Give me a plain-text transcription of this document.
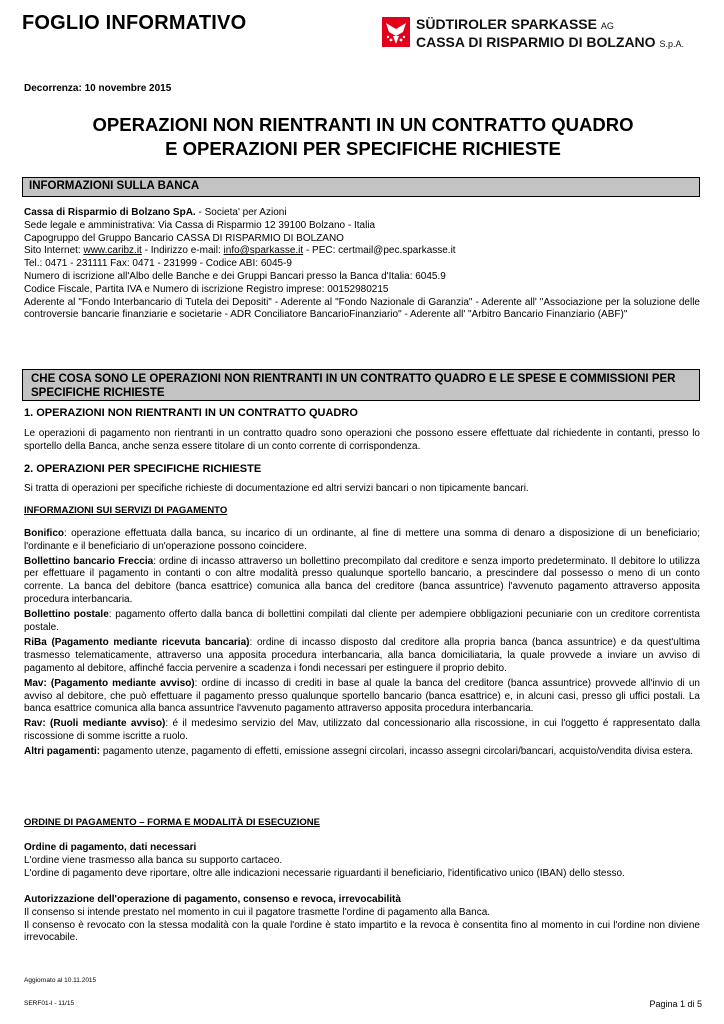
FOGLIO INFORMATIVO	SÜDTIROLER SPARKASSE AG
CASSA DI RISPARMIO DI BOLZANO S.p.A.
Decorrenza: 10 novembre 2015
OPERAZIONI NON RIENTRANTI IN UN CONTRATTO QUADRO
E OPERAZIONI PER SPECIFICHE RICHIESTE
INFORMAZIONI SULLA BANCA

Cassa di Risparmio di Bolzano SpA. - Societa' per Azioni

Sede legale e amministrativa: Via Cassa di Risparmio 12 39100 Bolzano - Italia

Capogruppo del Gruppo Bancario CASSA DI RISPARMIO DI BOLZANO

Sito Internet: www.caribz.it - Indirizzo e-mail: info@sparkasse.it - PEC: certmail@pec.sparkasse.it

Tel.: 0471 - 231111 Fax: 0471 - 231999 - Codice ABI: 6045-9

Numero di iscrizione all'Albo delle Banche e dei Gruppi Bancari presso la Banca d'Italia: 6045.9

Codice Fiscale, Partita IVA e Numero di iscrizione Registro imprese: 00152980215

Aderente al "Fondo Interbancario di Tutela dei Depositi" - Aderente al "Fondo Nazionale di Garanzia" - Aderente all' "Associazione per la soluzione delle controversie bancarie finanziarie e societarie - ADR Conciliatore BancarioFinanziario" - Aderente all' "Arbitro Bancario Finanziario (ABF)"

CHE COSA SONO LE OPERAZIONI NON RIENTRANTI IN UN CONTRATTO QUADRO E LE SPESE E COMMISSIONI PER SPECIFICHE RICHIESTE
1. OPERAZIONI NON RIENTRANTI IN UN CONTRATTO QUADRO
Le operazioni di pagamento non rientranti in un contratto quadro sono operazioni che possono essere effettuate dal richiedente in contanti, presso lo sportello della Banca, anche senza essere titolare di un conto corrente di corrispondenza.
2. OPERAZIONI PER SPECIFICHE RICHIESTE
Si tratta di operazioni per specifiche richieste di documentazione ed altri servizi bancari o non tipicamente bancari.
INFORMAZIONI SUI SERVIZI DI PAGAMENTO

Bonifico: operazione effettuata dalla banca, su incarico di un ordinante, al fine di mettere una somma di denaro a disposizione di un beneficiario; l'ordinante e il beneficiario di un'operazione possono coincidere.

Bollettino bancario Freccia: ordine di incasso attraverso un bollettino precompilato dal creditore e senza importo predeterminato. Il debitore lo utilizza per effettuare il pagamento in contanti o con altre modalità presso qualunque sportello bancario, a prescindere dal possesso o meno di un conto corrente. La banca del debitore (banca esattrice) comunica alla banca del creditore (banca assuntrice) l'avvenuto pagamento attraverso apposita procedura interbancaria.

Bollettino postale: pagamento offerto dalla banca di bollettini compilati dal cliente per adempiere obbligazioni pecuniarie con un creditore correntista postale.

RiBa (Pagamento mediante ricevuta bancaria): ordine di incasso disposto dal creditore alla propria banca (banca assuntrice) e da quest'ultima trasmesso telematicamente, attraverso una apposita procedura interbancaria, alla banca domiciliataria, la quale provvede a inviare un avviso di pagamento al debitore, affinché faccia pervenire a scadenza i fondi necessari per estinguere il proprio debito.

Mav: (Pagamento mediante avviso): ordine di incasso di crediti in base al quale la banca del creditore (banca assuntrice) provvede all'invio di un avviso al debitore, che può effettuare il pagamento presso qualunque sportello bancario (banca esattrice) e, in alcuni casi, presso gli uffici postali. La banca esattrice comunica alla banca assuntrice l'avvenuto pagamento attraverso apposita procedura interbancaria.

Rav: (Ruoli mediante avviso): é il medesimo servizio del Mav, utilizzato dal concessionario alla riscossione, in cui l'oggetto é rappresentato dalla riscossione di somme iscritte a ruolo.

Altri pagamenti: pagamento utenze, pagamento di effetti, emissione assegni circolari, incasso assegni circolari/bancari, acquisto/vendita divisa estera.

ORDINE DI PAGAMENTO – FORMA E MODALITÀ DI ESECUZIONE

Ordine di pagamento, dati necessari

L'ordine viene trasmesso alla banca su supporto cartaceo.

L'ordine di pagamento deve riportare, oltre alle indicazioni necessarie riguardanti il beneficiario, l'identificativo unico (IBAN) dello stesso.

Autorizzazione dell'operazione di pagamento, consenso e revoca, irrevocabilità

Il consenso si intende prestato nel momento in cui il pagatore trasmette l'ordine di pagamento alla Banca.

Il consenso è revocato con la stessa modalità con la quale l'ordine è stato impartito e la revoca è consentita fino al momento in cui l'ordine non diviene irrevocabile.

Aggiornato al 10.11.2015
SERF01-I - 11/15	Pagina 1 di 5
